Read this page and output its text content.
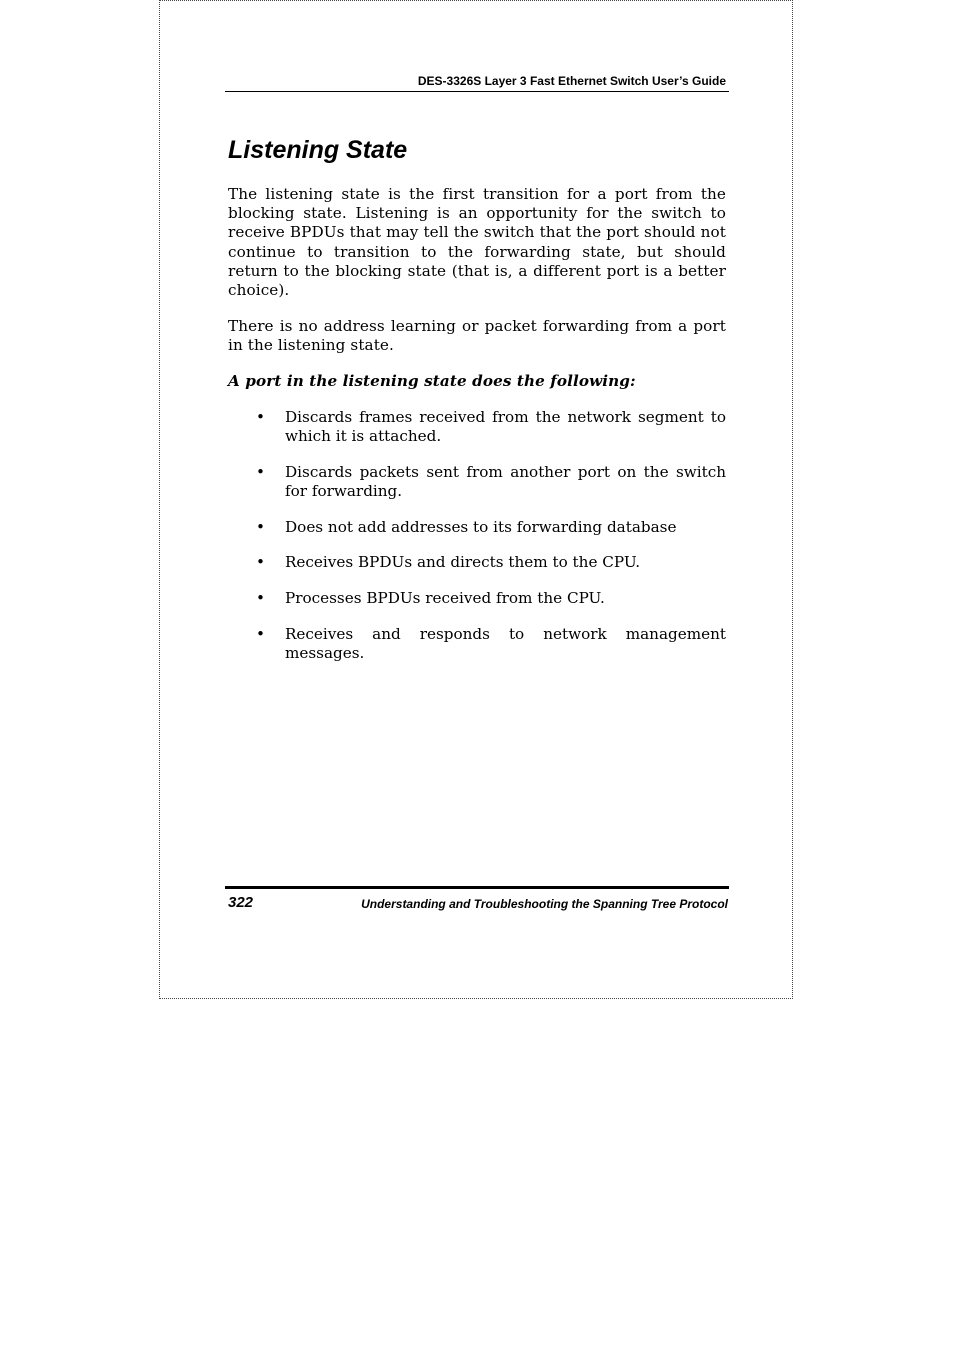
DES-3326S Layer 3 Fast Ethernet Switch User’s Guide
Listening State

The listening state is the first transition for a port from the blocking state. Listening is an opportunity for the switch to receive BPDUs that may tell the switch that the port should not continue to transition to the forwarding state, but should return to the blocking state (that is, a different port is a better choice).

There is no address learning or packet forwarding from a port in the listening state.

A port in the listening state does the following:

• Discards frames received from the network segment to which it is attached.
• Discards packets sent from another port on the switch for forwarding.
• Does not add addresses to its forwarding database
• Receives BPDUs and directs them to the CPU.
• Processes BPDUs received from the CPU.
• Receives and responds to network management messages.
322	Understanding and Troubleshooting the Spanning Tree Protocol
